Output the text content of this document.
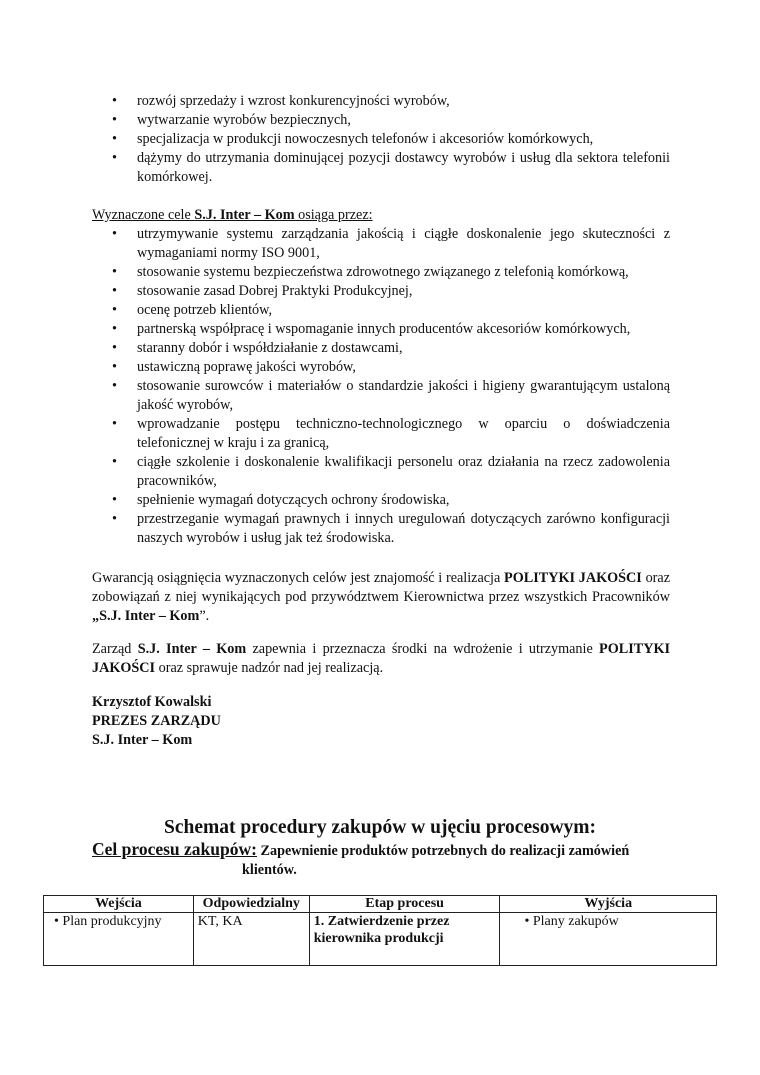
• rozwój sprzedaży i wzrost konkurencyjności wyrobów,
• wytwarzanie wyrobów bezpiecznych,
• specjalizacja w produkcji nowoczesnych telefonów i akcesoriów komórkowych,
• dążymy do utrzymania dominującej pozycji dostawcy wyrobów i usług dla sektora telefonii komórkowej.
Wyznaczone cele S.J. Inter – Kom osiąga przez:
• utrzymywanie systemu zarządzania jakością i ciągłe doskonalenie jego skuteczności z wymaganiami normy ISO 9001,
• stosowanie systemu bezpieczeństwa zdrowotnego związanego z telefonią komórkową,
• stosowanie zasad Dobrej Praktyki Produkcyjnej,
• ocenę potrzeb klientów,
• partnerską współpracę i wspomaganie innych producentów akcesoriów komórkowych,
• staranny dobór i współdziałanie z dostawcami,
• ustawiczną poprawę jakości wyrobów,
• stosowanie surowców i materiałów o standardzie jakości i higieny gwarantującym ustaloną jakość wyrobów,
• wprowadzanie postępu techniczno-technologicznego w oparciu o doświadczenia telefonicznej w kraju i za granicą,
• ciągłe szkolenie i doskonalenie kwalifikacji personelu oraz działania na rzecz zadowolenia pracowników,
• spełnienie wymagań dotyczących ochrony środowiska,
• przestrzeganie wymagań prawnych i innych uregulowań dotyczących zarówno konfiguracji naszych wyrobów i usług jak też środowiska.
Gwarancją osiągnięcia wyznaczonych celów jest znajomość i realizacja POLITYKI JAKOŚCI oraz zobowiązań z niej wynikających pod przywództwem Kierownictwa przez wszystkich Pracowników „S.J. Inter – Kom”.
Zarząd S.J. Inter – Kom zapewnia i przeznacza środki na wdrożenie i utrzymanie POLITYKI JAKOŚCI oraz sprawuje nadzór nad jej realizacją.
Krzysztof Kowalski
PREZES ZARZĄDU
S.J. Inter – Kom
Schemat procedury zakupów w ujęciu procesowym:
Cel procesu zakupów: Zapewnienie produktów potrzebnych do realizacji zamówień
klientów.
Wejścia	Odpowiedzialny	Etap procesu	Wyjścia
• Plan produkcyjny	KT, KA	1. Zatwierdzenie przez kierownika produkcji	• Plany zakupów
